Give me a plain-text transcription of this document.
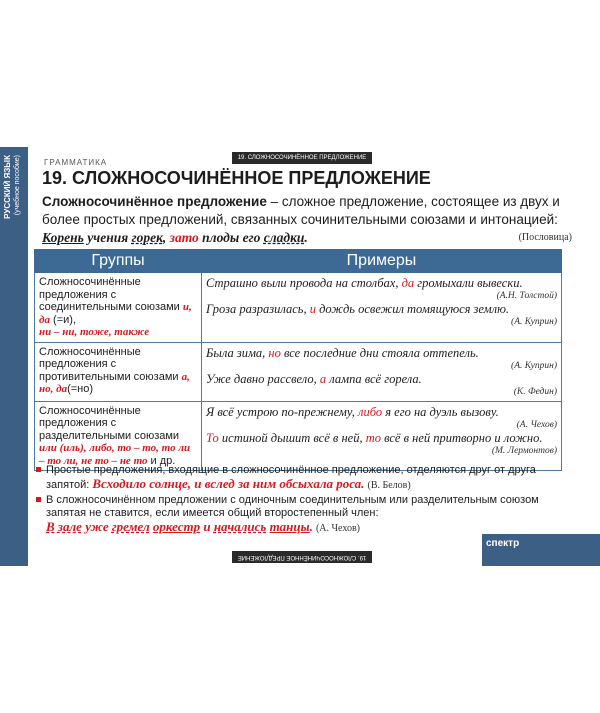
РУССКИЙ ЯЗЫК (учебное пособие)	19. СЛОЖНОСОЧИНЁННОЕ ПРЕДЛОЖЕНИЕ
ГРАММАТИКА
19. СЛОЖНОСОЧИНЁННОЕ ПРЕДЛОЖЕНИЕ
Сложносочинённое предложение – сложное предложение, состоящее из двух и более простых предложений, связанных сочинительными союзами и интонацией: Корень учения горек, зато плоды его сладки.	(Пословица)
Группы	Примеры
Сложносочинённые предложения с соединительными союзами и, да (=и),
ни – ни, тоже, также	Страшно выли провода на столбах, да громыхали вывески.
(А.Н. Толстой)
Гроза разразилась, и дождь освежил томящуюся землю.
(А. Куприн)

Сложносочинённые предложения с противительными союзами а, но, да(=но)	Была зима, но все последние дни стояла оттепель.
(А. Куприн)
Уже давно рассвело, а лампа всё горела.
(К. Федин)

Сложносочинённые предложения с разделительными союзами или (иль), либо, то – то, то ли – то ли, не то – не то и др.	Я всё устрою по-прежнему, либо я его на дуэль вызову.
(А. Чехов)
То истиной дышит всё в ней, то всё в ней притворно и ложно.
(М. Лермонтов)
Простые предложения, входящие в сложносочинённое предложение, отделяются друг от друга запятой: Всходило солнце, и вслед за ним обсыхала роса. (В. Белов)
В сложносочинённом предложении с одиночным соединительным или разделительным союзом запятая не ставится, если имеется общий второстепенный член:
В зале уже гремел оркестр и начались танцы. (А. Чехов)
спектр
19. СЛОЖНОСОЧИНЁННОЕ ПРЕДЛОЖЕНИЕ
